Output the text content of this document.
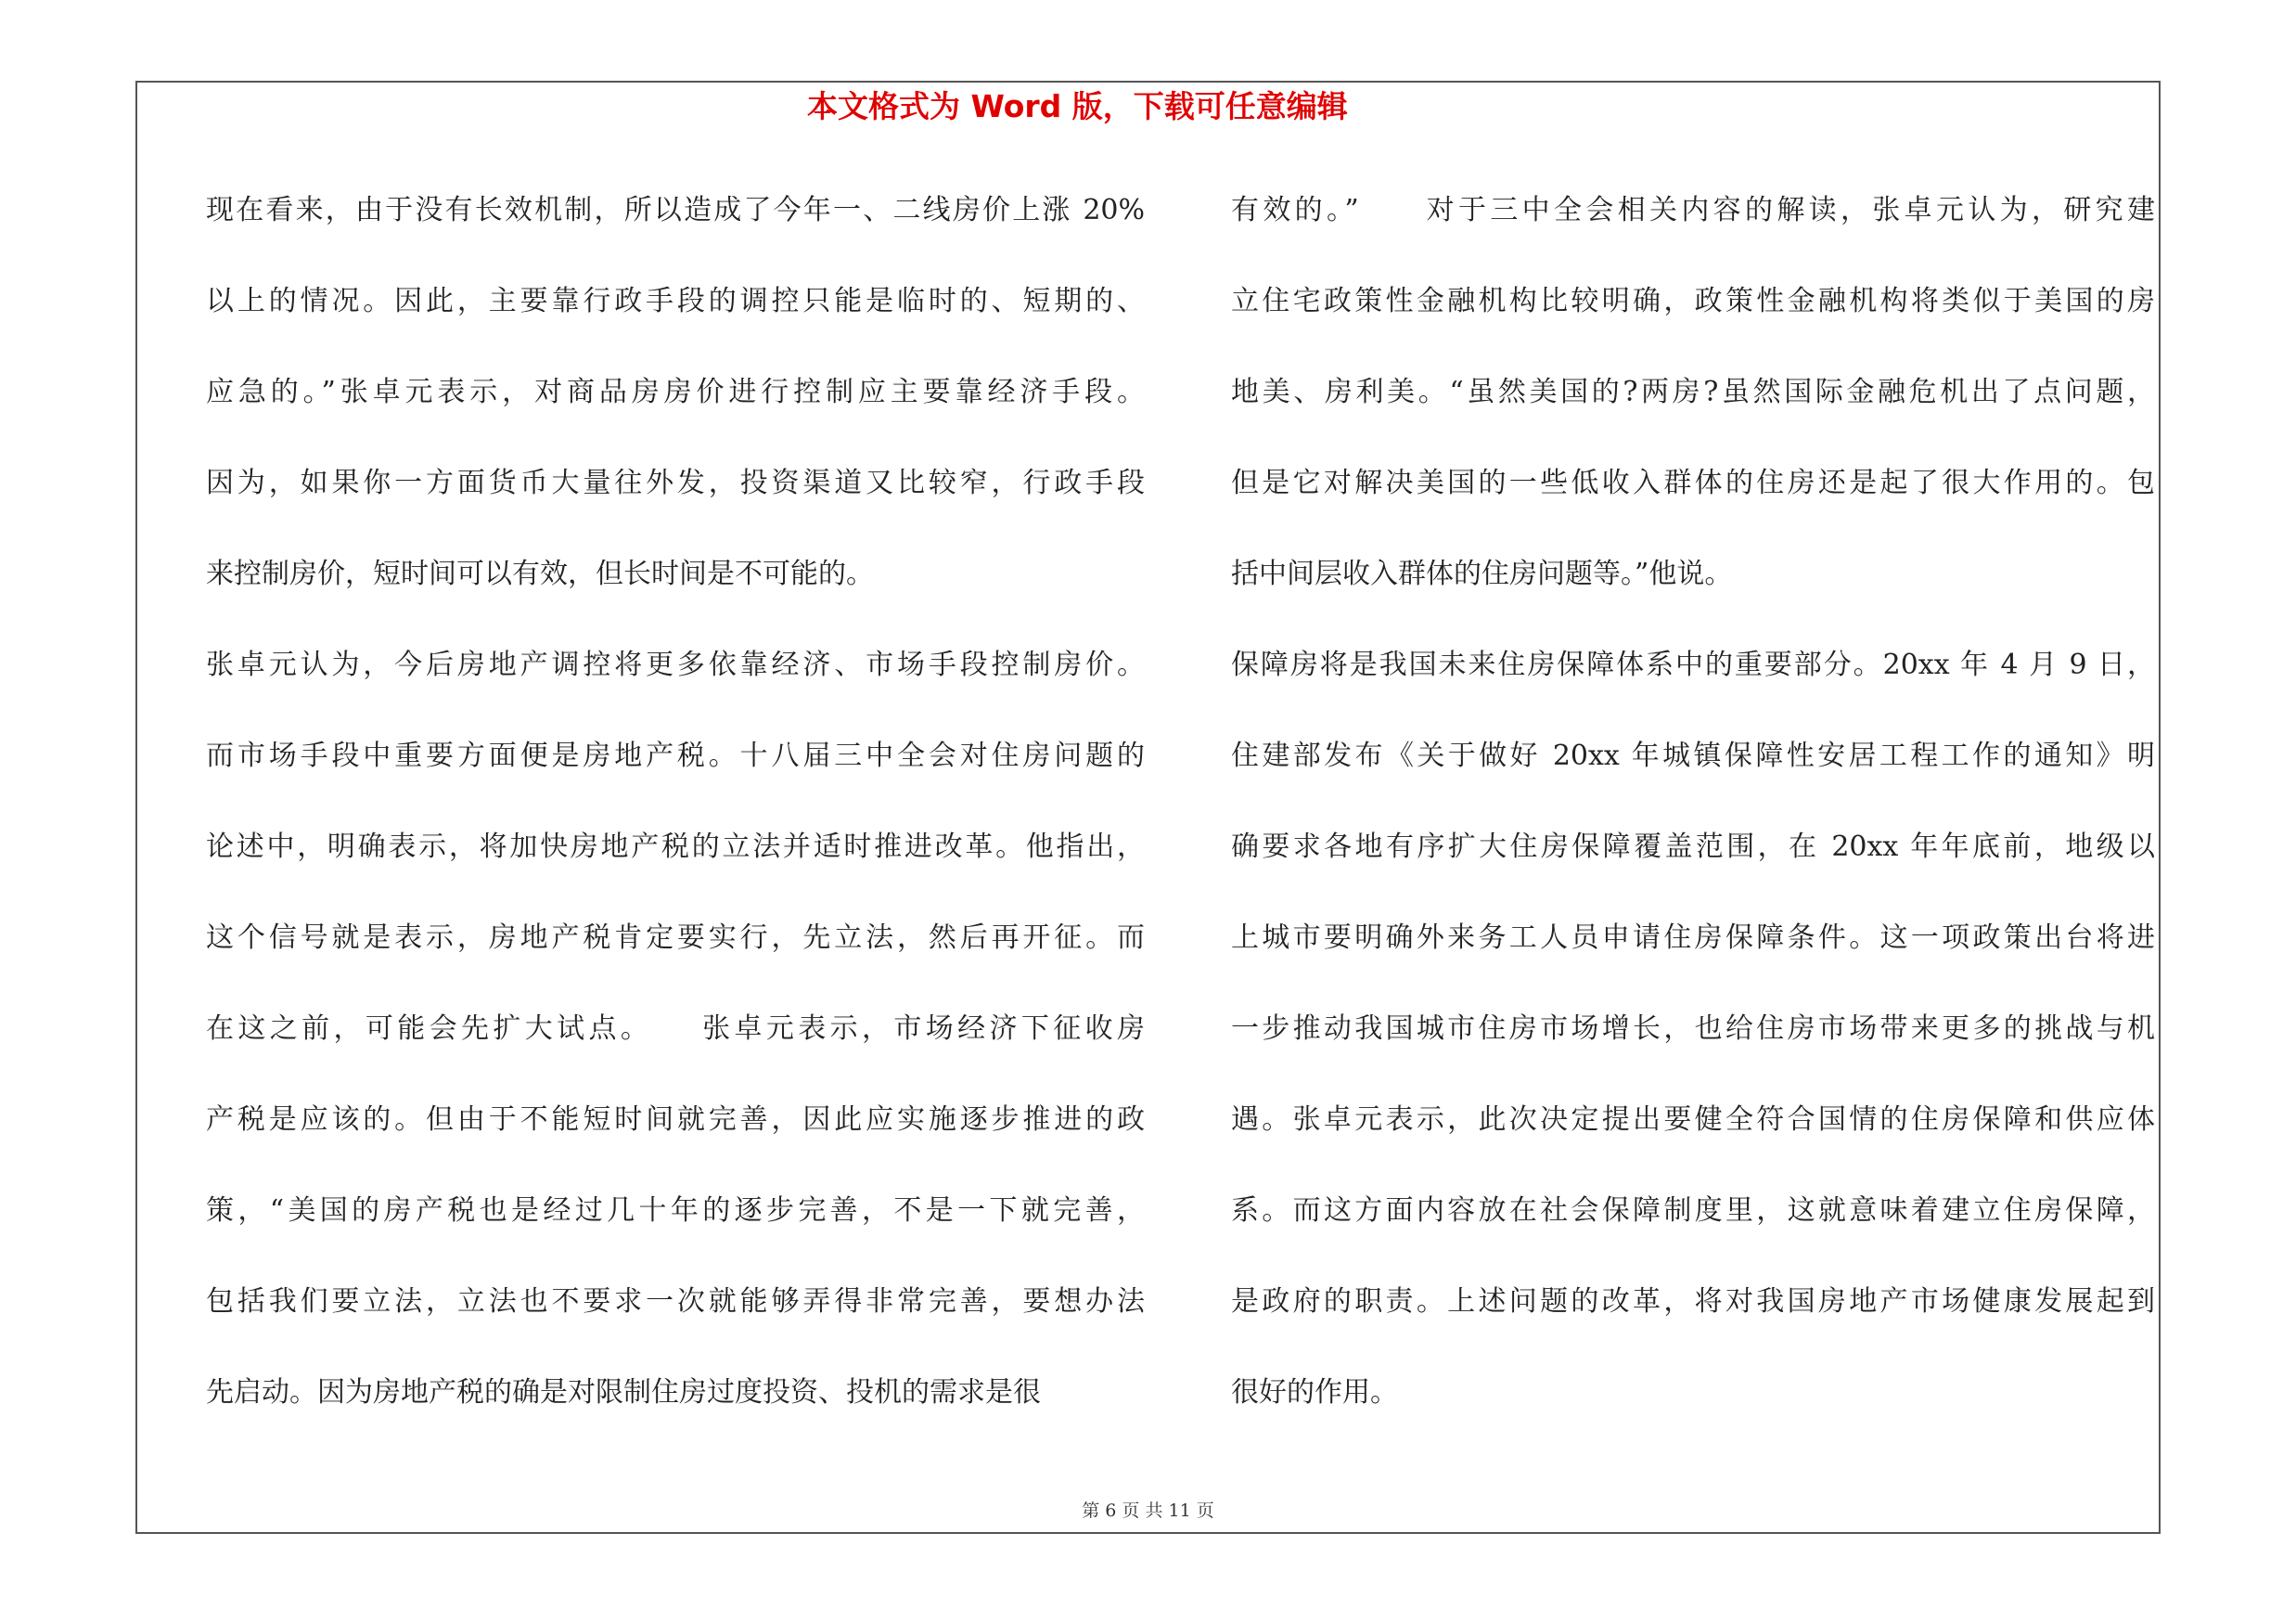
本文格式为 Word 版，下载可任意编辑
现在看来，由于没有长效机制，所以造成了今年一、二线房价上涨 20%
以上的情况。因此，主要靠行政手段的调控只能是临时的、短期的、
应急的。”张卓元表示，对商品房房价进行控制应主要靠经济手段。
因为，如果你一方面货币大量往外发，投资渠道又比较窄，行政手段
来控制房价，短时间可以有效，但长时间是不可能的。
张卓元认为，今后房地产调控将更多依靠经济、市场手段控制房价。
而市场手段中重要方面便是房地产税。十八届三中全会对住房问题的
论述中，明确表示，将加快房地产税的立法并适时推进改革。他指出，
这个信号就是表示，房地产税肯定要实行，先立法，然后再开征。而
在这之前，可能会先扩大试点。　　张卓元表示，市场经济下征收房
产税是应该的。但由于不能短时间就完善，因此应实施逐步推进的政
策，“美国的房产税也是经过几十年的逐步完善，不是一下就完善，
包括我们要立法，立法也不要求一次就能够弄得非常完善，要想办法
先启动。因为房地产税的确是对限制住房过度投资、投机的需求是很
有效的。”　　对于三中全会相关内容的解读，张卓元认为，研究建
立住宅政策性金融机构比较明确，政策性金融机构将类似于美国的房
地美、房利美。“虽然美国的?两房?虽然国际金融危机出了点问题，
但是它对解决美国的一些低收入群体的住房还是起了很大作用的。包
括中间层收入群体的住房问题等。”他说。
保障房将是我国未来住房保障体系中的重要部分。20xx 年 4 月 9 日，
住建部发布《关于做好 20xx 年城镇保障性安居工程工作的通知》明
确要求各地有序扩大住房保障覆盖范围，在 20xx 年年底前，地级以
上城市要明确外来务工人员申请住房保障条件。这一项政策出台将进
一步推动我国城市住房市场增长，也给住房市场带来更多的挑战与机
遇。张卓元表示，此次决定提出要健全符合国情的住房保障和供应体
系。而这方面内容放在社会保障制度里，这就意味着建立住房保障，
是政府的职责。上述问题的改革，将对我国房地产市场健康发展起到
很好的作用。
第 6 页 共 11 页
